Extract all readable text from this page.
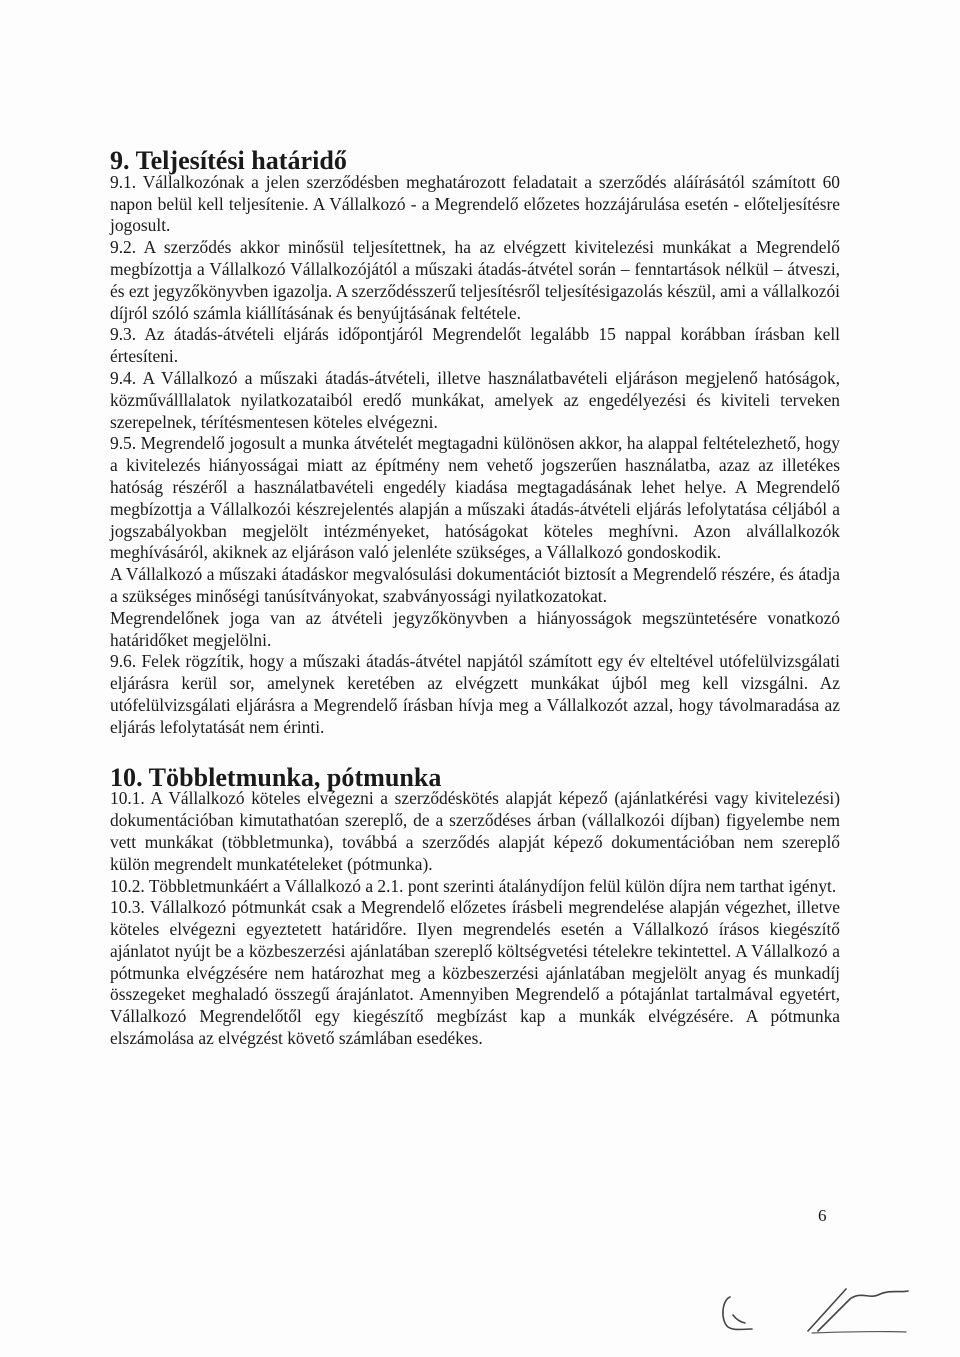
9. Teljesítési határidő

9.1. Vállalkozónak a jelen szerződésben meghatározott feladatait a szerződés aláírásától számított 60 napon belül kell teljesítenie. A Vállalkozó - a Megrendelő előzetes hozzájárulása esetén - előteljesítésre jogosult.

9.2. A szerződés akkor minősül teljesítettnek, ha az elvégzett kivitelezési munkákat a Megrendelő megbízottja a Vállalkozó Vállalkozójától a műszaki átadás-átvétel során – fenntartások nélkül – átveszi, és ezt jegyzőkönyvben igazolja. A szerződésszerű teljesítésről teljesítésigazolás készül, ami a vállalkozói díjról szóló számla kiállításának és benyújtásának feltétele.

9.3. Az átadás-átvételi eljárás időpontjáról Megrendelőt legalább 15 nappal korábban írásban kell értesíteni.

9.4. A Vállalkozó a műszaki átadás-átvételi, illetve használatbavételi eljáráson megjelenő hatóságok, közműválllalatok nyilatkozataiból eredő munkákat, amelyek az engedélyezési és kiviteli terveken szerepelnek, térítésmentesen köteles elvégezni.

9.5. Megrendelő jogosult a munka átvételét megtagadni különösen akkor, ha alappal feltételezhető, hogy a kivitelezés hiányosságai miatt az építmény nem vehető jogszerűen használatba, azaz az illetékes hatóság részéről a használatbavételi engedély kiadása megtagadásának lehet helye. A Megrendelő megbízottja a Vállalkozói készrejelentés alapján a műszaki átadás-átvételi eljárás lefolytatása céljából a jogszabályokban megjelölt intézményeket, hatóságokat köteles meghívni. Azon alvállalkozók meghívásáról, akiknek az eljáráson való jelenléte szükséges, a Vállalkozó gondoskodik.

A Vállalkozó a műszaki átadáskor megvalósulási dokumentációt biztosít a Megrendelő részére, és átadja a szükséges minőségi tanúsítványokat, szabványossági nyilatkozatokat.

Megrendelőnek joga van az átvételi jegyzőkönyvben a hiányosságok megszüntetésére vonatkozó határidőket megjelölni.

9.6. Felek rögzítik, hogy a műszaki átadás-átvétel napjától számított egy év elteltével utófelülvizsgálati eljárásra kerül sor, amelynek keretében az elvégzett munkákat újból meg kell vizsgálni. Az utófelülvizsgálati eljárásra a Megrendelő írásban hívja meg a Vállalkozót azzal, hogy távolmaradása az eljárás lefolytatását nem érinti.

10. Többletmunka, pótmunka

10.1. A Vállalkozó köteles elvégezni a szerződéskötés alapját képező (ajánlatkérési vagy kivitelezési) dokumentációban kimutathatóan szereplő, de a szerződéses árban (vállalkozói díjban) figyelembe nem vett munkákat (többletmunka), továbbá a szerződés alapját képező dokumentációban nem szereplő külön megrendelt munkatételeket (pótmunka).

10.2. Többletmunkáért a Vállalkozó a 2.1. pont szerinti átalánydíjon felül külön díjra nem tarthat igényt.

10.3. Vállalkozó pótmunkát csak a Megrendelő előzetes írásbeli megrendelése alapján végezhet, illetve köteles elvégezni egyeztetett határidőre. Ilyen megrendelés esetén a Vállalkozó írásos kiegészítő ajánlatot nyújt be a közbeszerzési ajánlatában szereplő költségvetési tételekre tekintettel. A Vállalkozó a pótmunka elvégzésére nem határozhat meg a közbeszerzési ajánlatában megjelölt anyag és munkadíj összegeket meghaladó összegű árajánlatot. Amennyiben Megrendelő a pótajánlat tartalmával egyetért, Vállalkozó Megrendelőtől egy kiegészítő megbízást kap a munkák elvégzésére. A pótmunka elszámolása az elvégzést követő számlában esedékes.

6
